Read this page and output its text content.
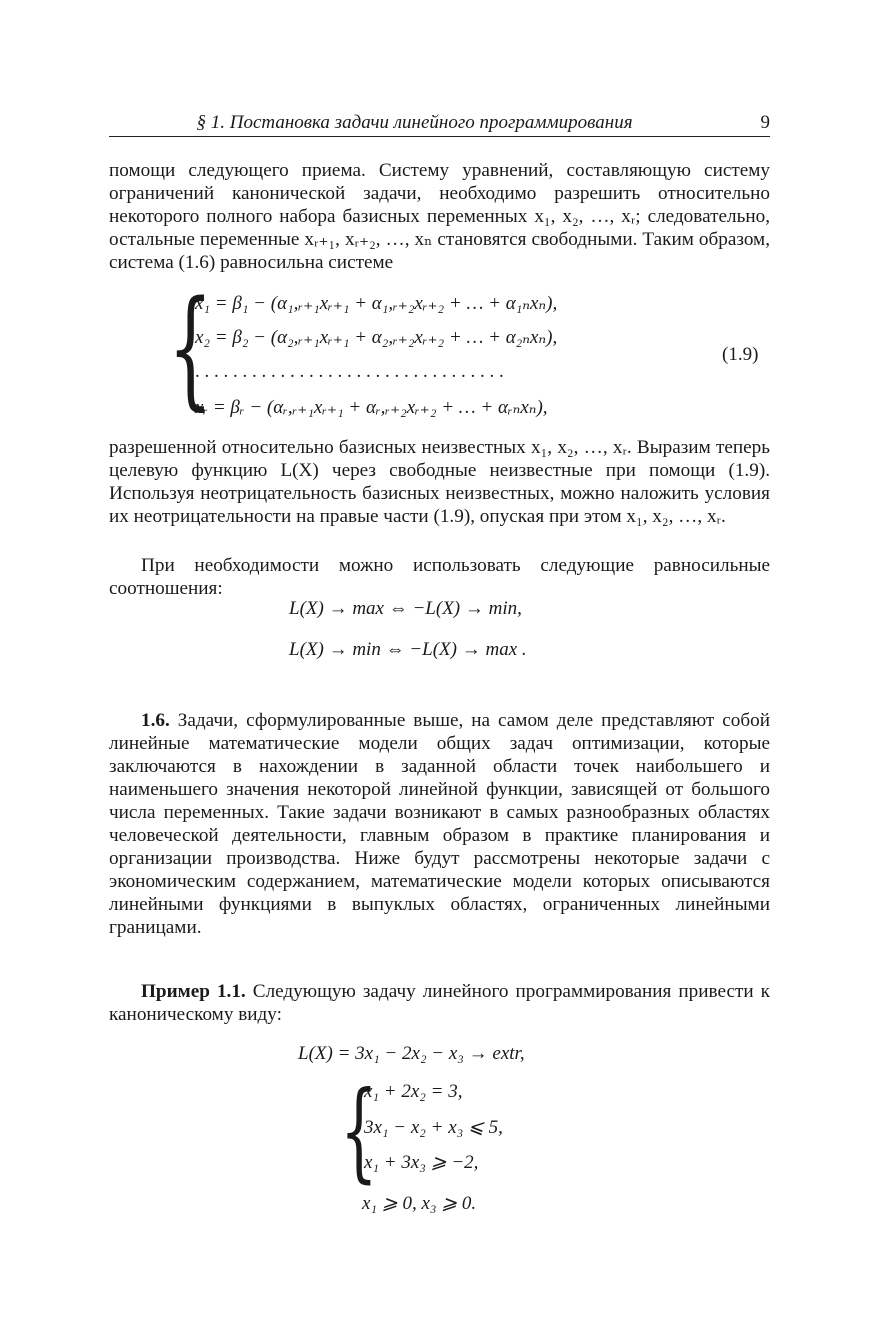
§ 1. Постановка задачи линейного программирования	9

помощи следующего приема. Систему уравнений, составляющую систему ограничений канонической задачи, необходимо разрешить относительно некоторого полного набора базисных переменных x₁, x₂, …, xᵣ; следовательно, остальные переменные xᵣ₊₁, xᵣ₊₂, …, xₙ становятся свободными. Таким образом, система (1.6) равносильна системе

{
x₁ = β₁ − (α₁,ᵣ₊₁xᵣ₊₁ + α₁,ᵣ₊₂xᵣ₊₂ + … + α₁ₙxₙ),
x₂ = β₂ − (α₂,ᵣ₊₁xᵣ₊₁ + α₂,ᵣ₊₂xᵣ₊₂ + … + α₂ₙxₙ),
. . . . . . . . . . . . . . . . . . . . . . . . . . . . . . . . .
xᵣ = βᵣ − (αᵣ,ᵣ₊₁xᵣ₊₁ + αᵣ,ᵣ₊₂xᵣ₊₂ + … + αᵣₙxₙ),
(1.9)

разрешенной относительно базисных неизвестных x₁, x₂, …, xᵣ. Выразим теперь целевую функцию L(X) через свободные неизвестные при помощи (1.9). Используя неотрицательность базисных неизвестных, можно наложить условия их неотрицательности на правые части (1.9), опуская при этом x₁, x₂, …, xᵣ.

При необходимости можно использовать следующие равносильные соотношения:

L(X) → max ⇔ −L(X) → min,
L(X) → min ⇔ −L(X) → max .

1.6. Задачи, сформулированные выше, на самом деле представляют собой линейные математические модели общих задач оптимизации, которые заключаются в нахождении в заданной области точек наибольшего и наименьшего значения некоторой линейной функции, зависящей от большого числа переменных. Такие задачи возникают в самых разнообразных областях человеческой деятельности, главным образом в практике планирования и организации производства. Ниже будут рассмотрены некоторые задачи с экономическим содержанием, математические модели которых описываются линейными функциями в выпуклых областях, ограниченных линейными границами.

Пример 1.1. Следующую задачу линейного программирования привести к каноническому виду:

L(X) = 3x₁ − 2x₂ − x₃ → extr,
{
x₁ + 2x₂ = 3,
3x₁ − x₂ + x₃ ⩽ 5,
x₁ + 3x₃ ⩾ −2,
x₁ ⩾ 0, x₃ ⩾ 0.
